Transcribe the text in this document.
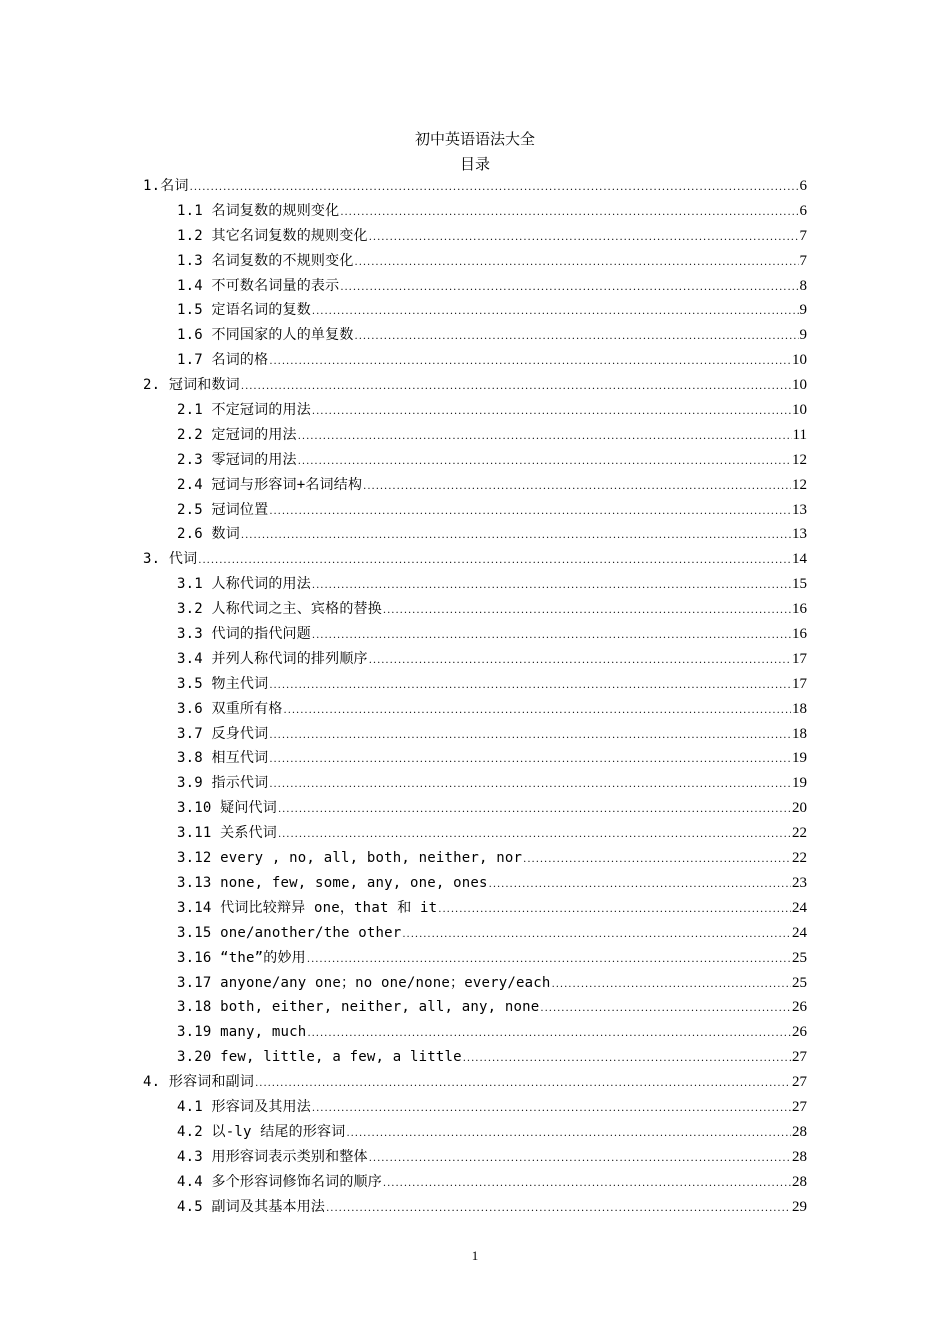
初中英语语法大全
目录
1.名词 .....	6
1.1 名词复数的规则变化 .....	6
1.2 其它名词复数的规则变化 .....	7
1.3 名词复数的不规则变化 .....	7
1.4 不可数名词量的表示 .....	8
1.5 定语名词的复数 .....	9
1.6 不同国家的人的单复数 .....	9
1.7 名词的格 .....	10
2. 冠词和数词 .....	10
2.1 不定冠词的用法 .....	10
2.2 定冠词的用法 .....	11
2.3 零冠词的用法 .....	12
2.4 冠词与形容词+名词结构 .....	12
2.5 冠词位置 .....	13
2.6 数词 .....	13
3. 代词 .....	14
3.1 人称代词的用法 .....	15
3.2 人称代词之主、宾格的替换 .....	16
3.3 代词的指代问题 .....	16
3.4 并列人称代词的排列顺序 .....	17
3.5 物主代词 .....	17
3.6 双重所有格 .....	18
3.7 反身代词 .....	18
3.8 相互代词 .....	19
3.9 指示代词 .....	19
3.10 疑问代词 .....	20
3.11 关系代词 .....	22
3.12 every , no, all, both, neither, nor .....	22
3.13 none, few, some, any, one, ones .....	23
3.14 代词比较辩异 one，that 和 it .....	24
3.15 one/another/the other .....	24
3.16 “the”的妙用 .....	25
3.17 anyone/any one；no one/none；every/each .....	25
3.18 both, either, neither, all, any, none .....	26
3.19 many, much .....	26
3.20 few, little, a few, a little .....	27
4. 形容词和副词 .....	27
4.1 形容词及其用法 .....	27
4.2 以-ly 结尾的形容词 .....	28
4.3 用形容词表示类别和整体 .....	28
4.4 多个形容词修饰名词的顺序 .....	28
4.5 副词及其基本用法 .....	29
1
